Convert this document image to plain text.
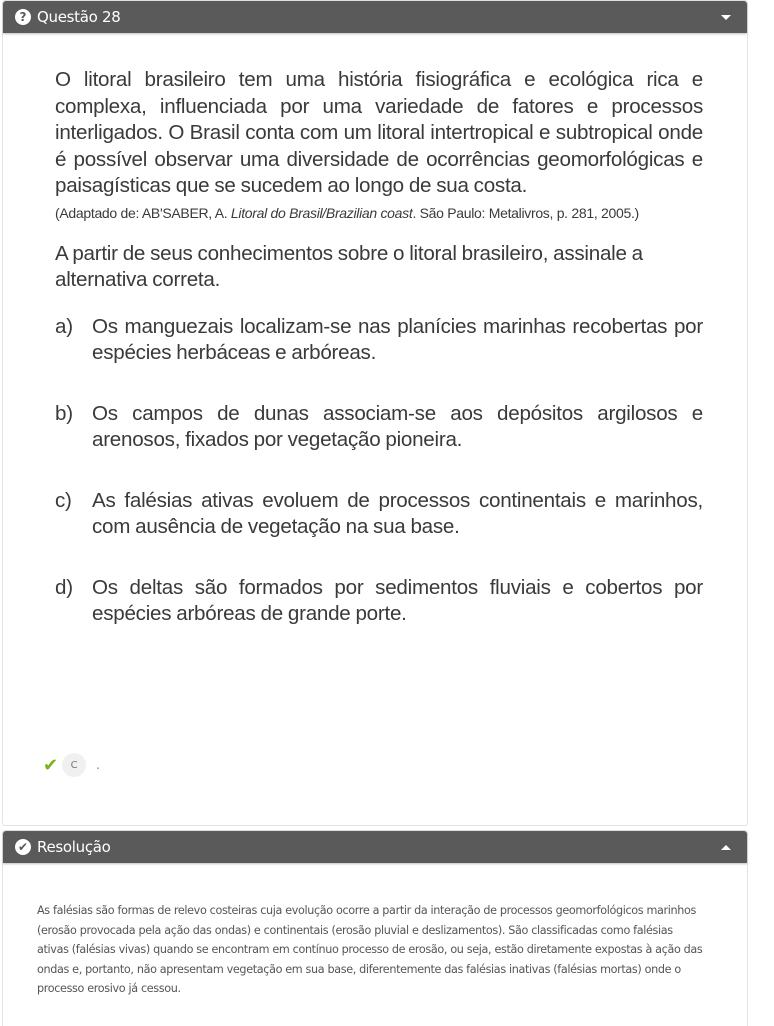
? Questão 28

O litoral brasileiro tem uma história fisiográfica e ecológica rica e complexa, influenciada por uma variedade de fatores e processos interligados. O Brasil conta com um litoral intertropical e subtropical onde é possível observar uma diversidade de ocorrências geomorfológicas e paisagísticas que se sucedem ao longo de sua costa.

(Adaptado de: AB'SABER, A. Litoral do Brasil/Brazilian coast. São Paulo: Metalivros, p. 281, 2005.)

A partir de seus conhecimentos sobre o litoral brasileiro, assinale a alternativa correta.

a) Os manguezais localizam-se nas planícies marinhas recobertas por espécies herbáceas e arbóreas.
b) Os campos de dunas associam-se aos depósitos argilosos e arenosos, fixados por vegetação pioneira.
c) As falésias ativas evoluem de processos continentais e marinhos, com ausência de vegetação na sua base.
d) Os deltas são formados por sedimentos fluviais e cobertos por espécies arbóreas de grande porte.
✔	C	.
✔ Resolução
As falésias são formas de relevo costeiras cuja evolução ocorre a partir da interação de processos geomorfológicos marinhos (erosão provocada pela ação das ondas) e continentais (erosão pluvial e deslizamentos). São classificadas como falésias ativas (falésias vivas) quando se encontram em contínuo processo de erosão, ou seja, estão diretamente expostas à ação das ondas e, portanto, não apresentam vegetação em sua base, diferentemente das falésias inativas (falésias mortas) onde o processo erosivo já cessou.
